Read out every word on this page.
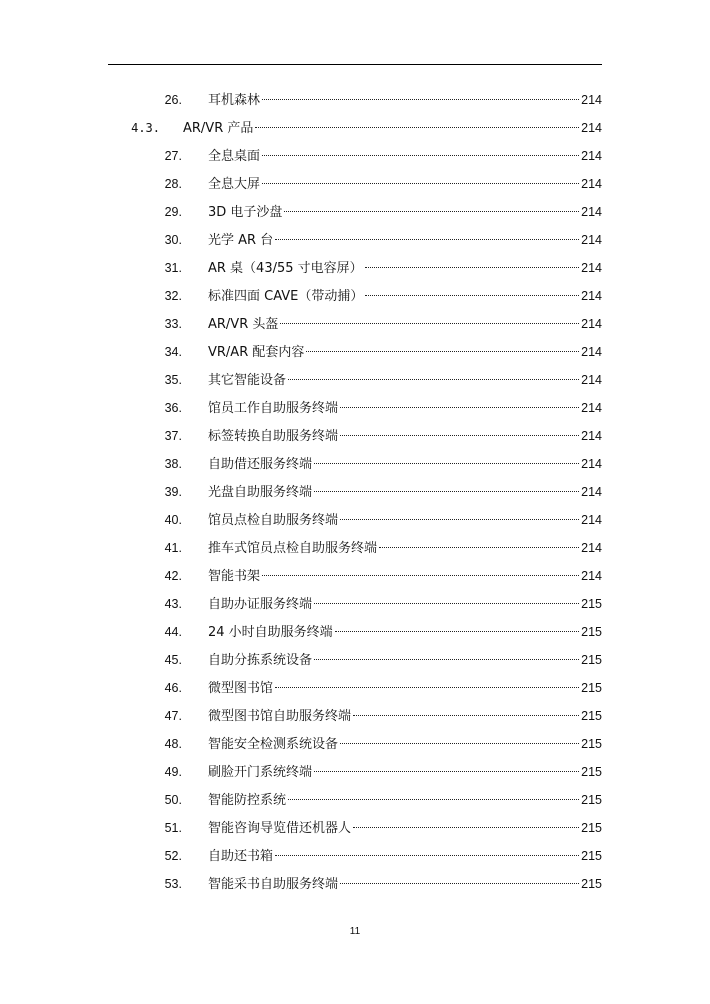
26. 耳机森林	214
4.3. AR/VR 产品	214
27. 全息桌面	214
28. 全息大屏	214
29. 3D 电子沙盘	214
30. 光学 AR 台	214
31. AR 桌（43/55 寸电容屏）	214
32. 标准四面 CAVE（带动捕）	214
33. AR/VR 头盔	214
34. VR/AR 配套内容	214
35. 其它智能设备	214
36. 馆员工作自助服务终端	214
37. 标签转换自助服务终端	214
38. 自助借还服务终端	214
39. 光盘自助服务终端	214
40. 馆员点检自助服务终端	214
41. 推车式馆员点检自助服务终端	214
42. 智能书架	214
43. 自助办证服务终端	215
44. 24 小时自助服务终端	215
45. 自助分拣系统设备	215
46. 微型图书馆	215
47. 微型图书馆自助服务终端	215
48. 智能安全检测系统设备	215
49. 刷脸开门系统终端	215
50. 智能防控系统	215
51. 智能咨询导览借还机器人	215
52. 自助还书箱	215
53. 智能采书自助服务终端	215
11
